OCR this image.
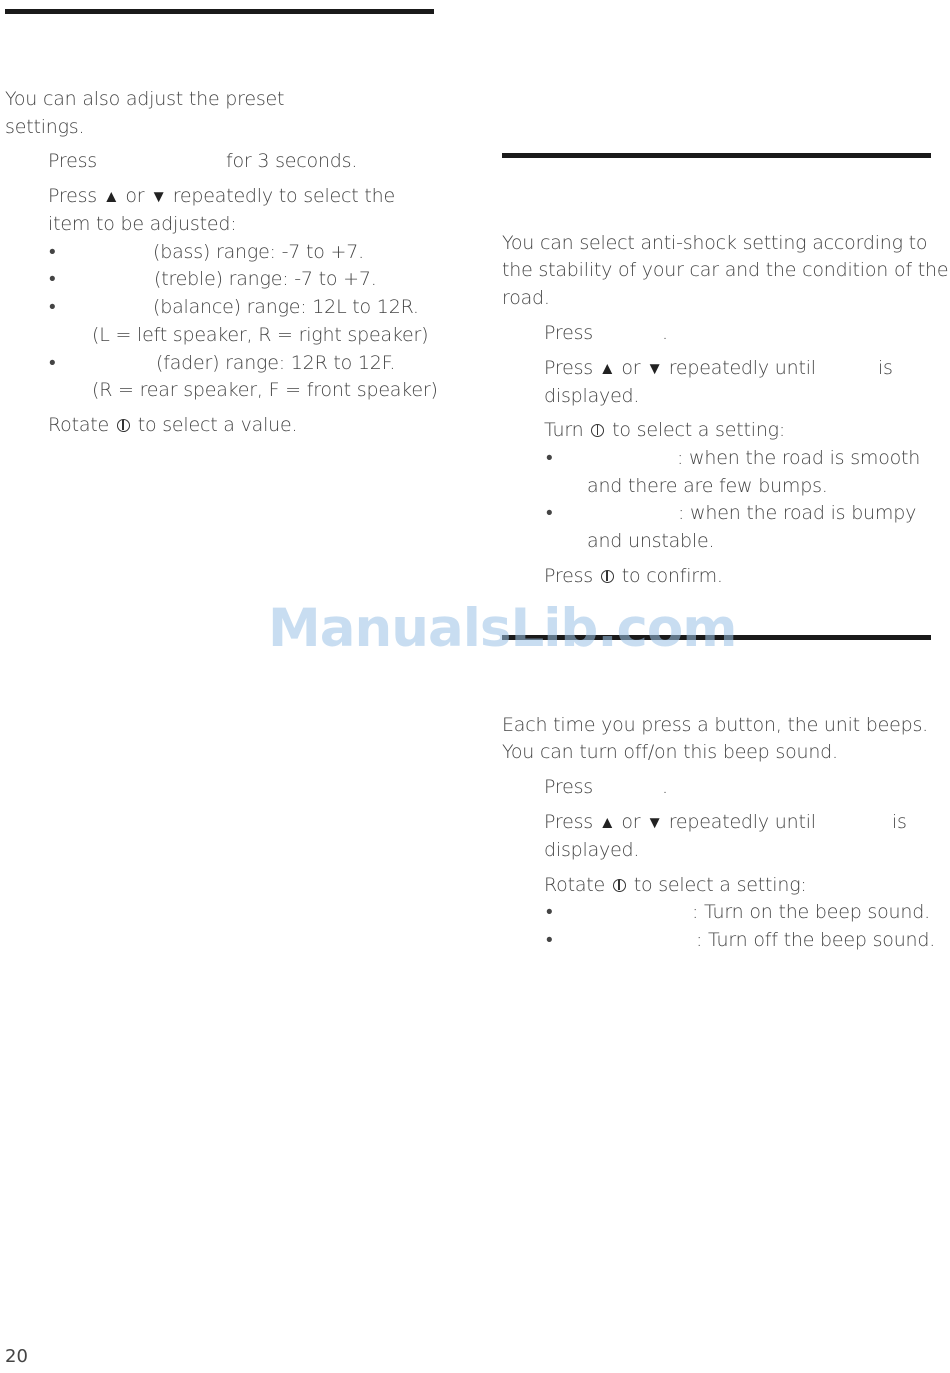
You can also adjust the preset
settings.
Press	for 3 seconds.
Press ▲ or ▼ repeatedly to select the
item to be adjusted:
•	(bass) range: -7 to +7.
•	(treble) range: -7 to +7.
•	(balance) range: 12L to 12R.
(L = left speaker, R = right speaker)
•	(fader) range: 12R to 12F.
(R = rear speaker, F = front speaker)
Rotate to select a value.
You can select anti-shock setting according to
the stability of your car and the condition of the
road.
Press	.
Press ▲ or ▼ repeatedly until	is
displayed.
Turn to select a setting:
•	: when the road is smooth
and there are few bumps.
•	: when the road is bumpy
and unstable.
Press to confirm.
Each time you press a button, the unit beeps.
You can turn off/on this beep sound.
Press	.
Press ▲ or ▼ repeatedly until	is
displayed.
Rotate to select a setting:
•	: Turn on the beep sound.
•	: Turn off the beep sound.
ManualsLib.com
20
